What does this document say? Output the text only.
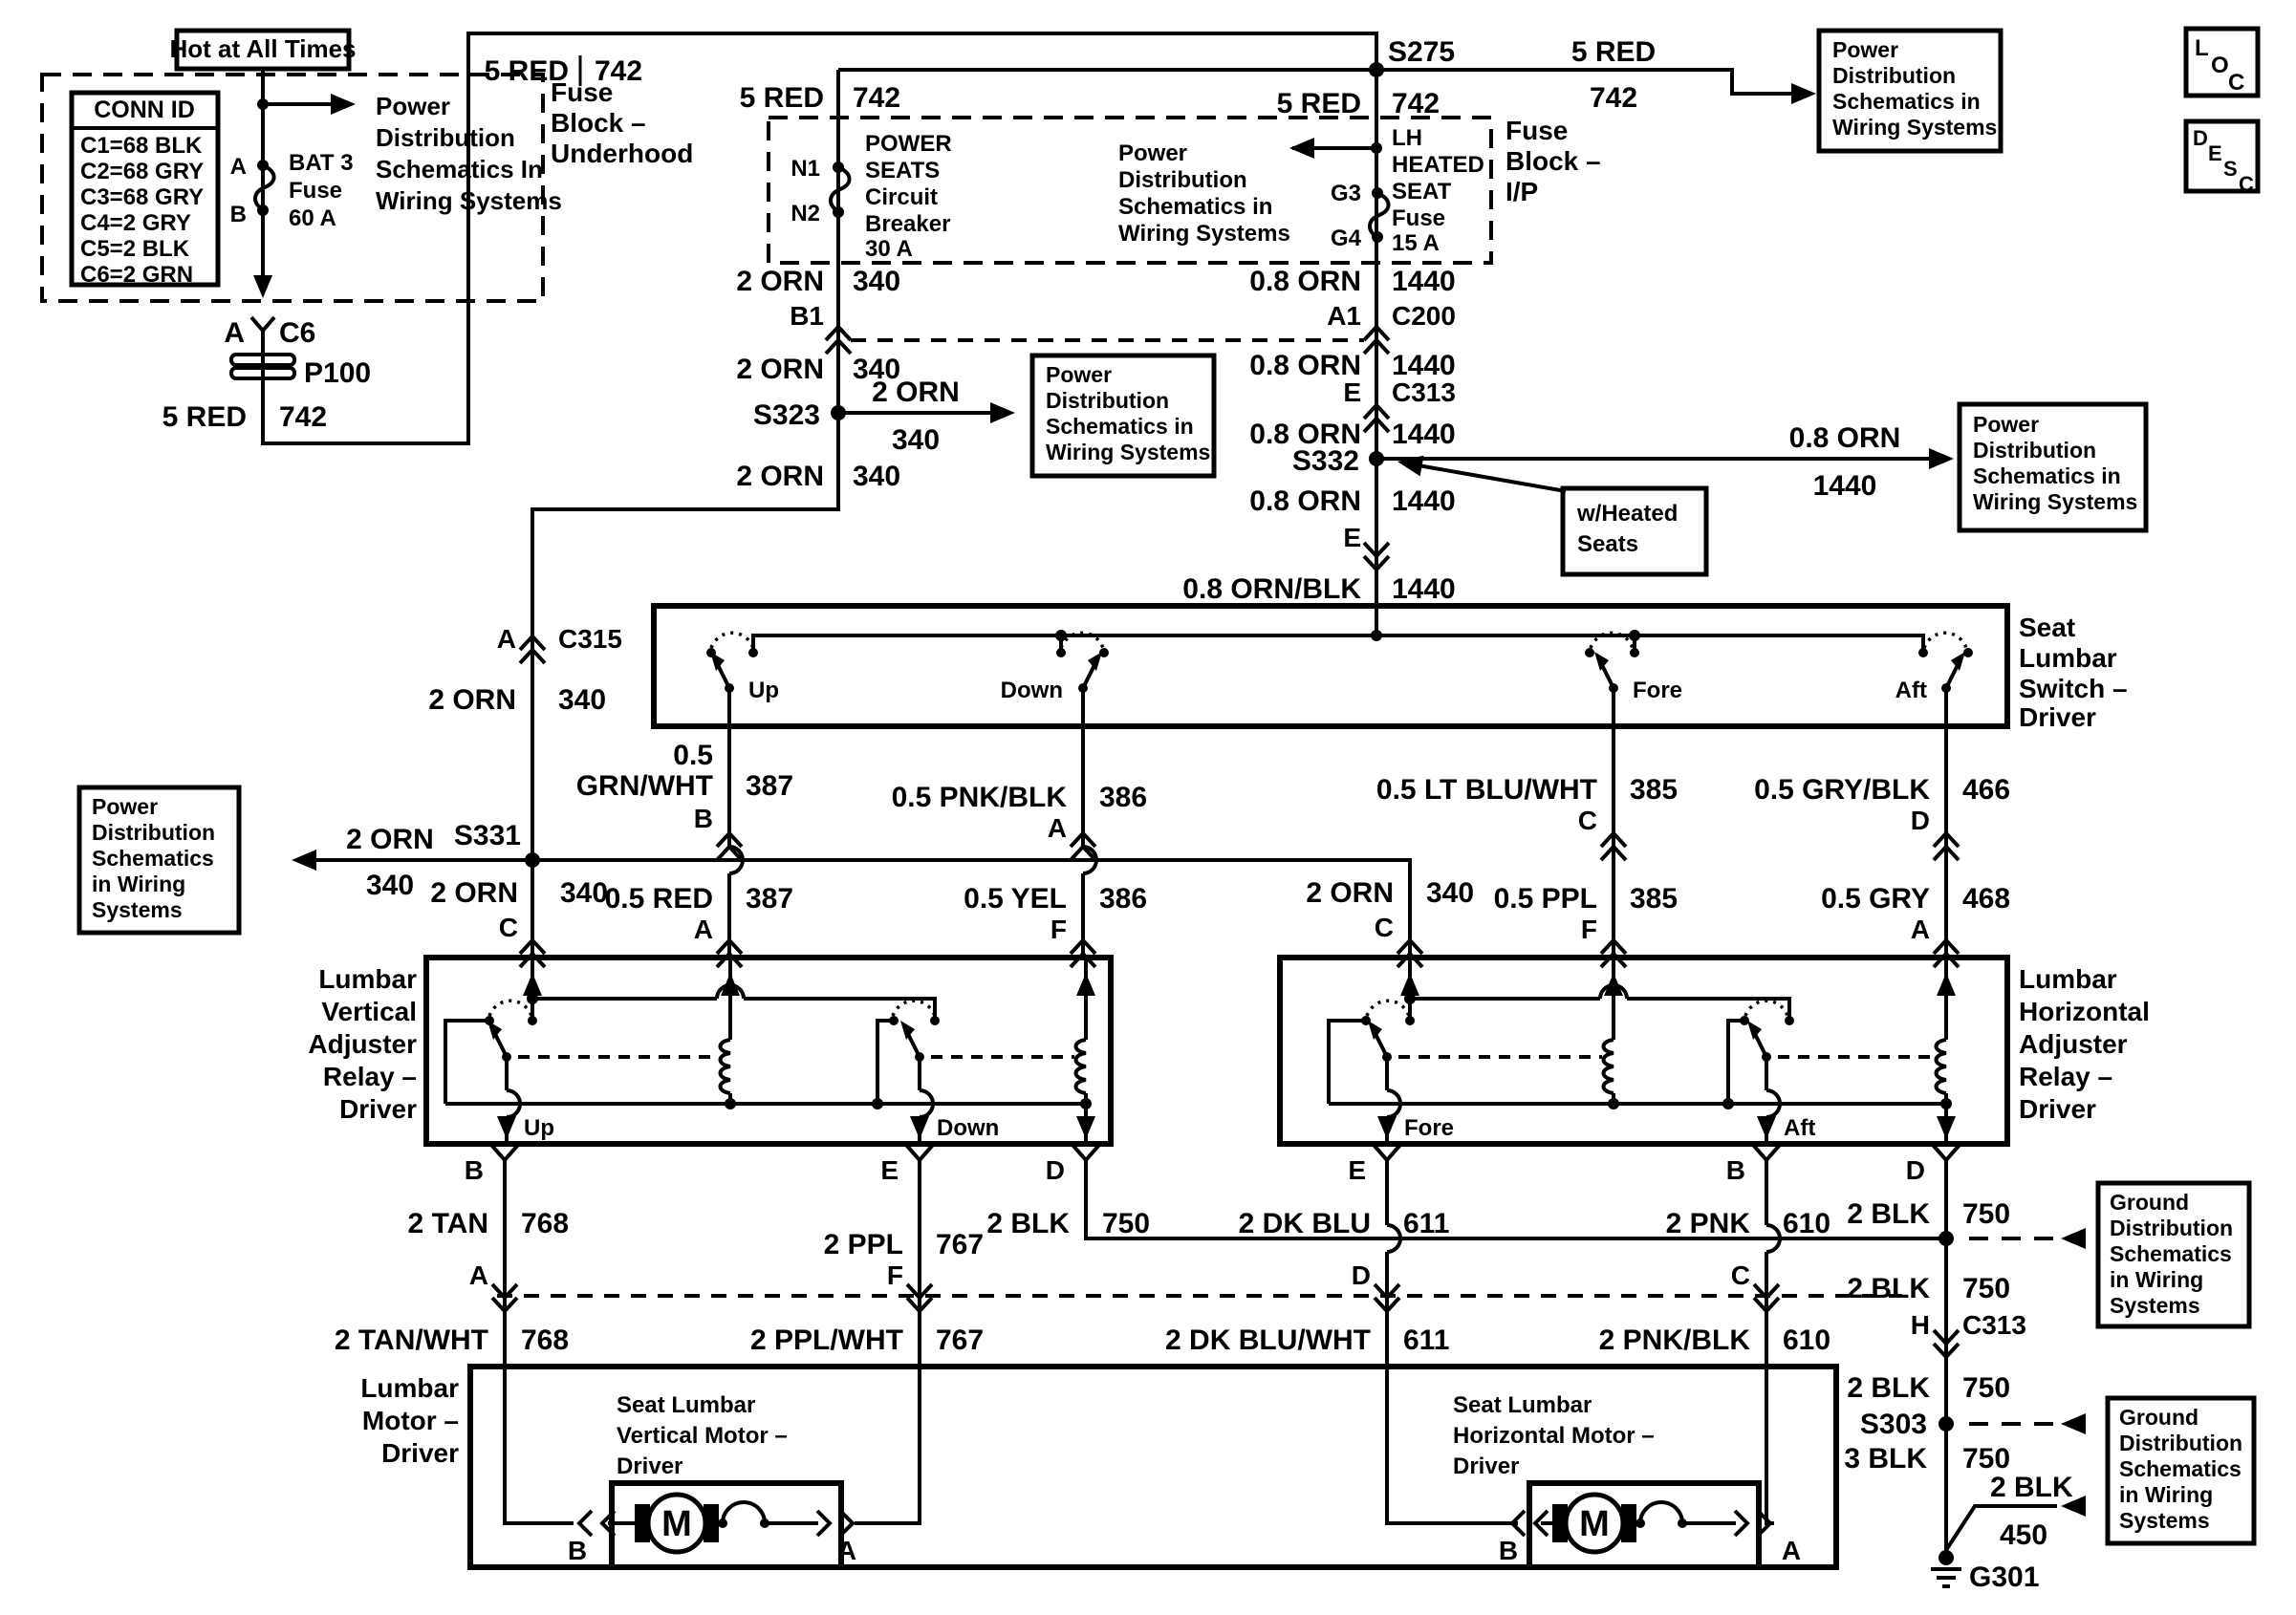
Hot at All Times
CONN ID
C1=68 BLK
C2=68 GRY
C3=68 GRY
C4=2 GRY
C5=2 BLK
C6=2 GRN
Power
Distribution
Schematics In
Wiring Systems
A
B
BAT 3
Fuse
60 A
Fuse
Block –
Underhood
A C6
P100
5 RED 742
5 RED 742
5 RED 742
N1
N2
POWER
SEATS
Circuit
Breaker
30 A
Power
Distribution
Schematics in
Wiring Systems
G3
G4
LH
HEATED
SEAT
Fuse
15 A
Fuse
Block –
I/P
5 RED 742
S275	5 RED
742
Power
Distribution
Schematics in
Wiring Systems
L
O
C
D
E
S
C
2 ORN 340
B1
0.8 ORN 1440
A1 C200
2 ORN 340
S323
2 ORN
340
Power
Distribution
Schematics in
Wiring Systems
2 ORN 340
0.8 ORN 1440
E C313
0.8 ORN 1440
S332
0.8 ORN
1440
Power
Distribution
Schematics in
Wiring Systems
w/Heated
Seats
0.8 ORN 1440
E
0.8 ORN/BLK 1440
A C315
2 ORN 340
S331
2 ORN
340
Power
Distribution
Schematics
in Wiring
Systems
2 ORN 340
C
Seat
Lumbar
Switch –
Driver
Up	Down	Fore	Aft
0.5
GRN/WHT 387
B
0.5 RED 387
A
0.5 PNK/BLK 386
A
0.5 YEL 386
F
0.5 LT BLU/WHT 385
C
0.5 PPL 385
F
0.5 GRY/BLK 466
D
0.5 GRY 468
A
2 ORN 340
C
Lumbar
Vertical
Adjuster
Relay –
Driver
Up	Down
Lumbar
Horizontal
Adjuster
Relay –
Driver
Fore	Aft
B	E	D	E	B	D
2 TAN 768
2 PPL 767
2 BLK 750	2 DK BLU 611	2 PNK 610
A	F	D	C
2 TAN/WHT 768	2 PPL/WHT 767	2 DK BLU/WHT 611	2 PNK/BLK 610
2 BLK 750	Ground
Distribution
Schematics
in Wiring
Systems
2 BLK 750
H C313
2 BLK 750
S303	Ground
Distribution
Schematics
in Wiring
Systems
3 BLK 750
2 BLK
450
G301
Lumbar
Motor –
Driver
Seat Lumbar
Vertical Motor –
Driver
M
B	A
Seat Lumbar
Horizontal Motor –
Driver
M
B	A
